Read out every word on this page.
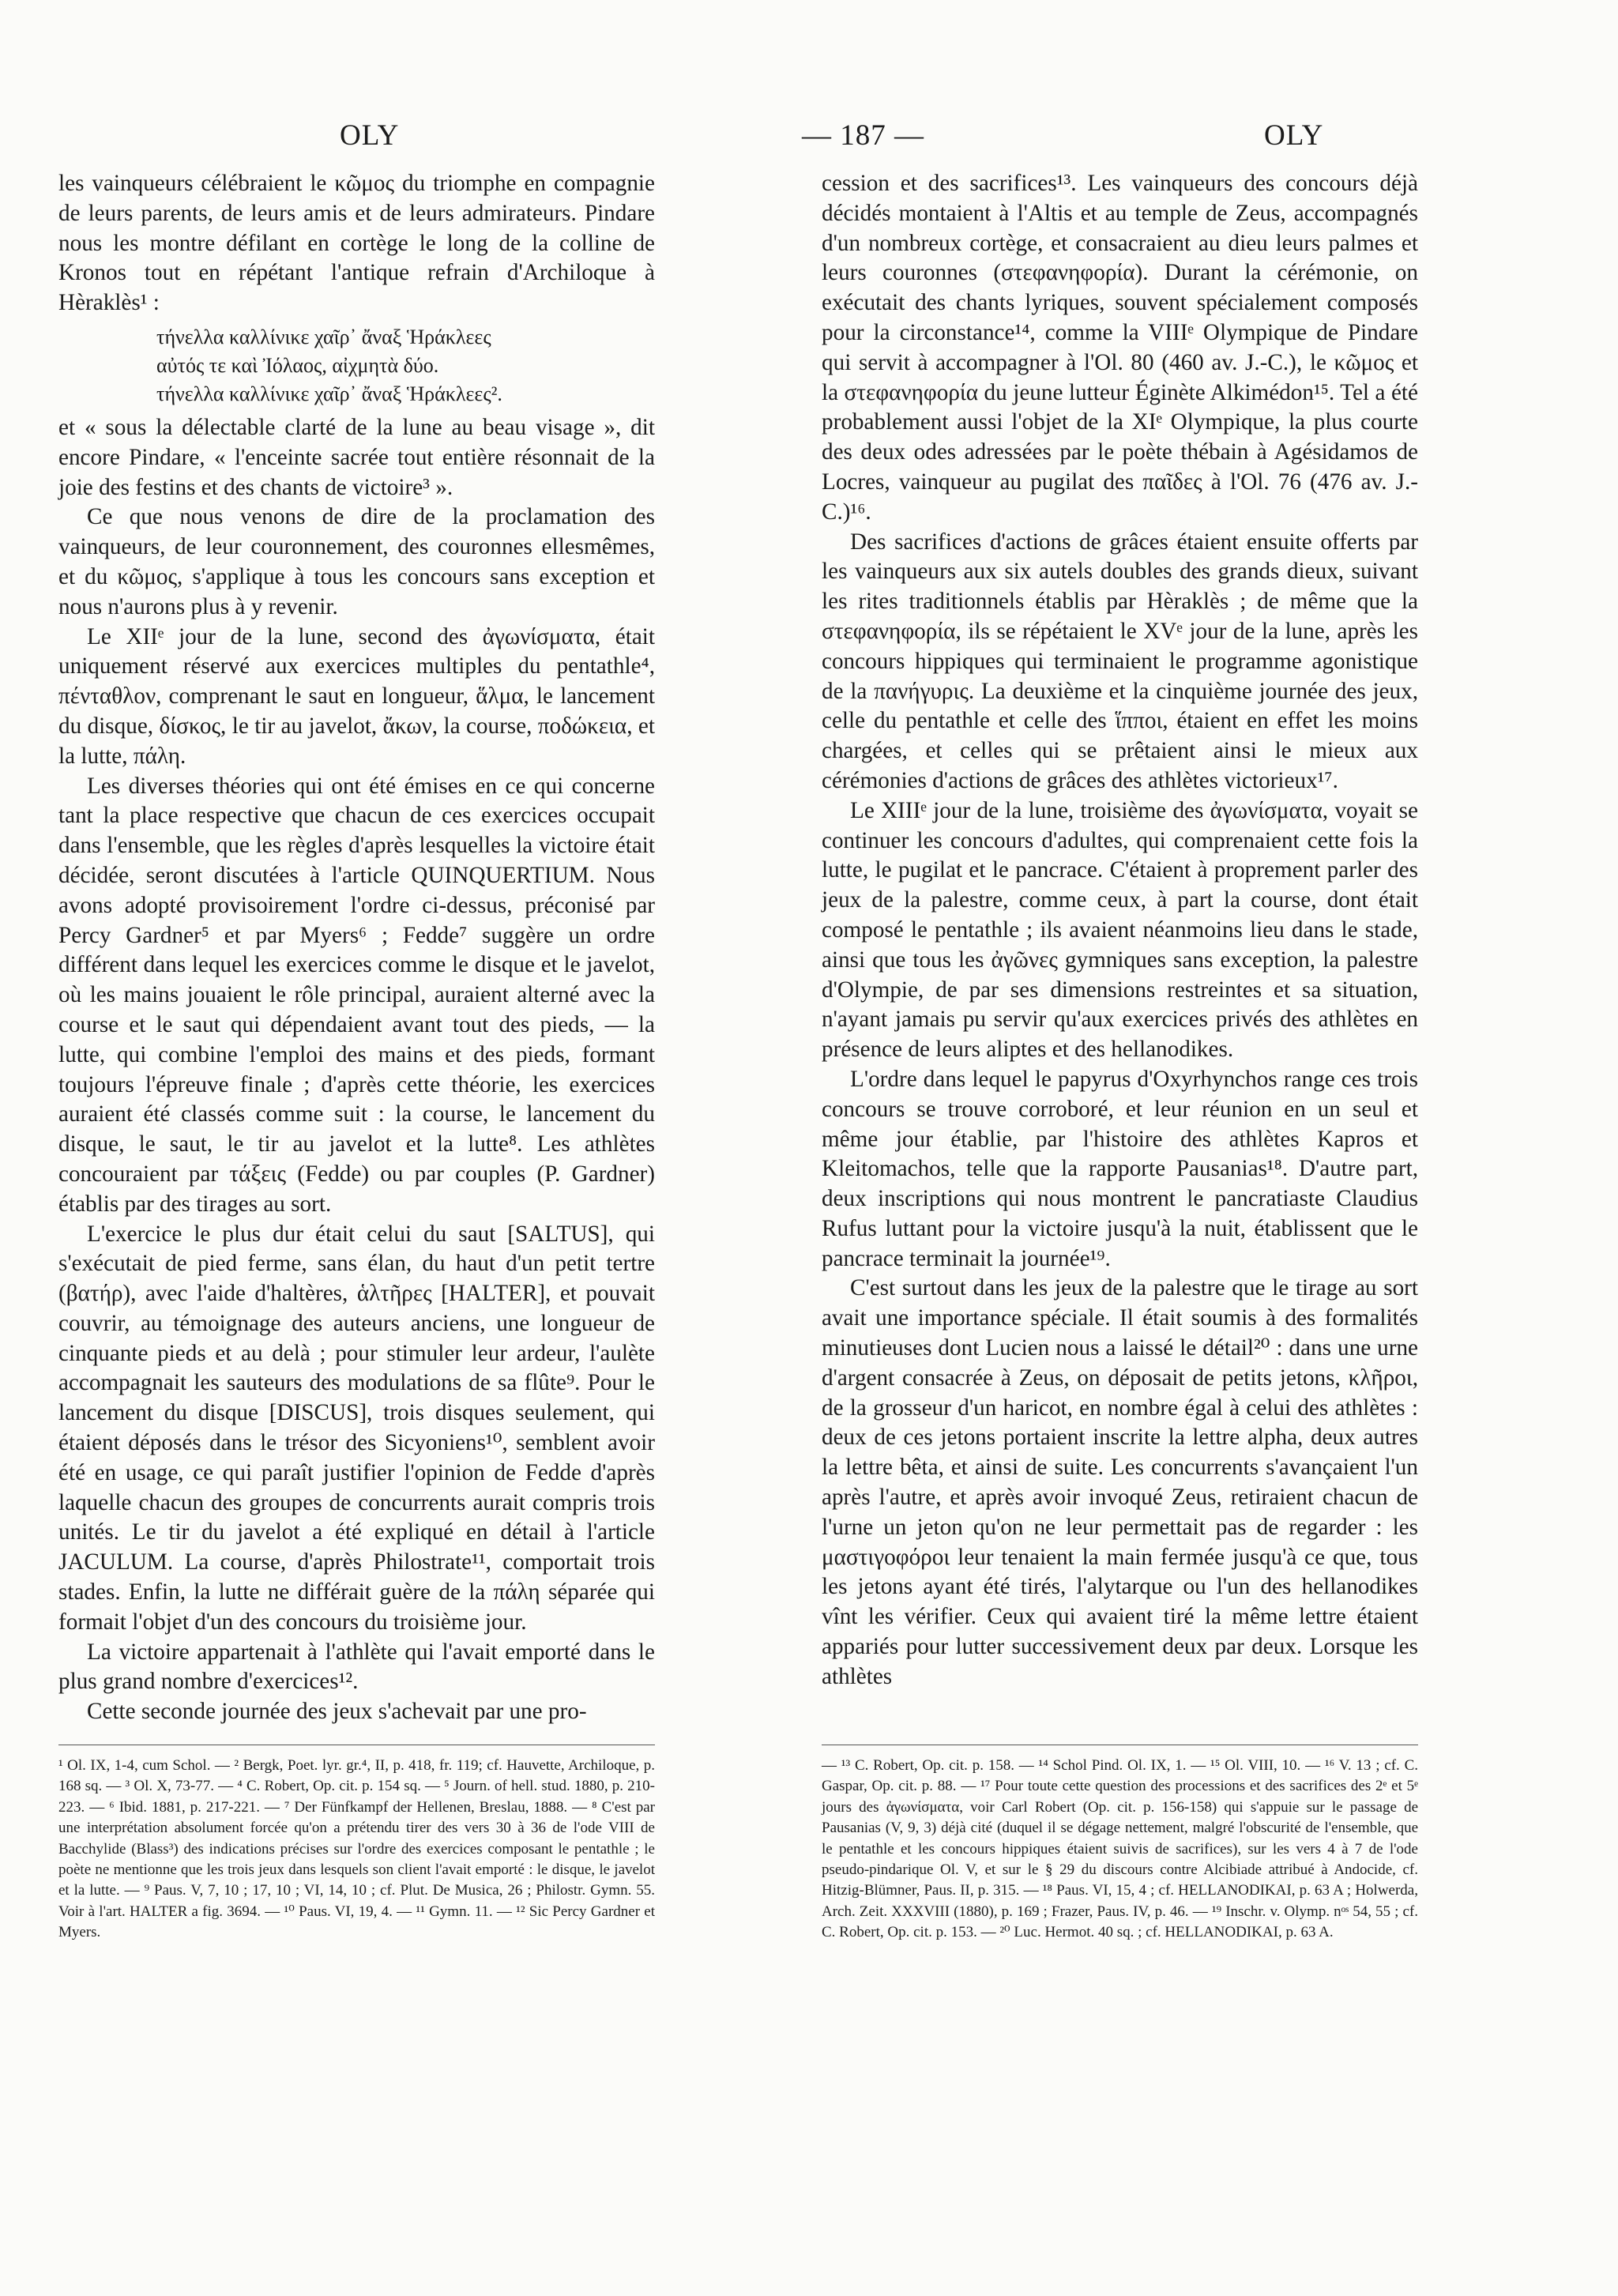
OLY	— 187 —	OLY

les vainqueurs célébraient le κῶμος du triomphe en compagnie de leurs parents, de leurs amis et de leurs admirateurs. Pindare nous les montre défilant en cortège le long de la colline de Kronos tout en répétant l'antique refrain d'Archiloque à Hèraklès¹ :

τήνελλα καλλίνικε χαῖρ᾽ ἄναξ Ἡράκλεες
αὐτός τε καὶ Ἰόλαος, αἰχμητὰ δύο.
τήνελλα καλλίνικε χαῖρ᾽ ἄναξ Ἡράκλεες².

et « sous la délectable clarté de la lune au beau visage », dit encore Pindare, « l'enceinte sacrée tout entière résonnait de la joie des festins et des chants de victoire³ ».

Ce que nous venons de dire de la proclamation des vainqueurs, de leur couronnement, des couronnes ellesmêmes, et du κῶμος, s'applique à tous les concours sans exception et nous n'aurons plus à y revenir.

Le XIIᵉ jour de la lune, second des ἀγωνίσματα, était uniquement réservé aux exercices multiples du pentathle⁴, πένταθλον, comprenant le saut en longueur, ἅλμα, le lancement du disque, δίσκος, le tir au javelot, ἄκων, la course, ποδώκεια, et la lutte, πάλη.

Les diverses théories qui ont été émises en ce qui concerne tant la place respective que chacun de ces exercices occupait dans l'ensemble, que les règles d'après lesquelles la victoire était décidée, seront discutées à l'article QUINQUERTIUM. Nous avons adopté provisoirement l'ordre ci-dessus, préconisé par Percy Gardner⁵ et par Myers⁶ ; Fedde⁷ suggère un ordre différent dans lequel les exercices comme le disque et le javelot, où les mains jouaient le rôle principal, auraient alterné avec la course et le saut qui dépendaient avant tout des pieds, — la lutte, qui combine l'emploi des mains et des pieds, formant toujours l'épreuve finale ; d'après cette théorie, les exercices auraient été classés comme suit : la course, le lancement du disque, le saut, le tir au javelot et la lutte⁸. Les athlètes concouraient par τάξεις (Fedde) ou par couples (P. Gardner) établis par des tirages au sort.

L'exercice le plus dur était celui du saut [SALTUS], qui s'exécutait de pied ferme, sans élan, du haut d'un petit tertre (βατήρ), avec l'aide d'haltères, ἁλτῆρες [HALTER], et pouvait couvrir, au témoignage des auteurs anciens, une longueur de cinquante pieds et au delà ; pour stimuler leur ardeur, l'aulète accompagnait les sauteurs des modulations de sa flûte⁹. Pour le lancement du disque [DISCUS], trois disques seulement, qui étaient déposés dans le trésor des Sicyoniens¹⁰, semblent avoir été en usage, ce qui paraît justifier l'opinion de Fedde d'après laquelle chacun des groupes de concurrents aurait compris trois unités. Le tir du javelot a été expliqué en détail à l'article JACULUM. La course, d'après Philostrate¹¹, comportait trois stades. Enfin, la lutte ne différait guère de la πάλη séparée qui formait l'objet d'un des concours du troisième jour.

La victoire appartenait à l'athlète qui l'avait emporté dans le plus grand nombre d'exercices¹².

Cette seconde journée des jeux s'achevait par une pro-

cession et des sacrifices¹³. Les vainqueurs des concours déjà décidés montaient à l'Altis et au temple de Zeus, accompagnés d'un nombreux cortège, et consacraient au dieu leurs palmes et leurs couronnes (στεφανηφορία). Durant la cérémonie, on exécutait des chants lyriques, souvent spécialement composés pour la circonstance¹⁴, comme la VIIIᵉ Olympique de Pindare qui servit à accompagner à l'Ol. 80 (460 av. J.-C.), le κῶμος et la στεφανηφορία du jeune lutteur Éginète Alkimédon¹⁵. Tel a été probablement aussi l'objet de la XIᵉ Olympique, la plus courte des deux odes adressées par le poète thébain à Agésidamos de Locres, vainqueur au pugilat des παῖδες à l'Ol. 76 (476 av. J.-C.)¹⁶.

Des sacrifices d'actions de grâces étaient ensuite offerts par les vainqueurs aux six autels doubles des grands dieux, suivant les rites traditionnels établis par Hèraklès ; de même que la στεφανηφορία, ils se répétaient le XVᵉ jour de la lune, après les concours hippiques qui terminaient le programme agonistique de la πανήγυρις. La deuxième et la cinquième journée des jeux, celle du pentathle et celle des ἵπποι, étaient en effet les moins chargées, et celles qui se prêtaient ainsi le mieux aux cérémonies d'actions de grâces des athlètes victorieux¹⁷.

Le XIIIᵉ jour de la lune, troisième des ἀγωνίσματα, voyait se continuer les concours d'adultes, qui comprenaient cette fois la lutte, le pugilat et le pancrace. C'étaient à proprement parler des jeux de la palestre, comme ceux, à part la course, dont était composé le pentathle ; ils avaient néanmoins lieu dans le stade, ainsi que tous les ἀγῶνες gymniques sans exception, la palestre d'Olympie, de par ses dimensions restreintes et sa situation, n'ayant jamais pu servir qu'aux exercices privés des athlètes en présence de leurs aliptes et des hellanodikes.

L'ordre dans lequel le papyrus d'Oxyrhynchos range ces trois concours se trouve corroboré, et leur réunion en un seul et même jour établie, par l'histoire des athlètes Kapros et Kleitomachos, telle que la rapporte Pausanias¹⁸. D'autre part, deux inscriptions qui nous montrent le pancratiaste Claudius Rufus luttant pour la victoire jusqu'à la nuit, établissent que le pancrace terminait la journée¹⁹.

C'est surtout dans les jeux de la palestre que le tirage au sort avait une importance spéciale. Il était soumis à des formalités minutieuses dont Lucien nous a laissé le détail²⁰ : dans une urne d'argent consacrée à Zeus, on déposait de petits jetons, κλῆροι, de la grosseur d'un haricot, en nombre égal à celui des athlètes : deux de ces jetons portaient inscrite la lettre alpha, deux autres la lettre bêta, et ainsi de suite. Les concurrents s'avançaient l'un après l'autre, et après avoir invoqué Zeus, retiraient chacun de l'urne un jeton qu'on ne leur permettait pas de regarder : les μαστιγοφόροι leur tenaient la main fermée jusqu'à ce que, tous les jetons ayant été tirés, l'alytarque ou l'un des hellanodikes vînt les vérifier. Ceux qui avaient tiré la même lettre étaient appariés pour lutter successivement deux par deux. Lorsque les athlètes

¹ Ol. IX, 1-4, cum Schol. — ² Bergk, Poet. lyr. gr.⁴, II, p. 418, fr. 119; cf. Hauvette, Archiloque, p. 168 sq. — ³ Ol. X, 73-77. — ⁴ C. Robert, Op. cit. p. 154 sq. — ⁵ Journ. of hell. stud. 1880, p. 210-223. — ⁶ Ibid. 1881, p. 217-221. — ⁷ Der Fünfkampf der Hellenen, Breslau, 1888. — ⁸ C'est par une interprétation absolument forcée qu'on a prétendu tirer des vers 30 à 36 de l'ode VIII de Bacchylide (Blass³) des indications précises sur l'ordre des exercices composant le pentathle ; le poète ne mentionne que les trois jeux dans lesquels son client l'avait emporté : le disque, le javelot et la lutte. — ⁹ Paus. V, 7, 10 ; 17, 10 ; VI, 14, 10 ; cf. Plut. De Musica, 26 ; Philostr. Gymn. 55. Voir à l'art. HALTER a fig. 3694. — ¹⁰ Paus. VI, 19, 4. — ¹¹ Gymn. 11. — ¹² Sic Percy Gardner et Myers.

— ¹³ C. Robert, Op. cit. p. 158. — ¹⁴ Schol Pind. Ol. IX, 1. — ¹⁵ Ol. VIII, 10. — ¹⁶ V. 13 ; cf. C. Gaspar, Op. cit. p. 88. — ¹⁷ Pour toute cette question des processions et des sacrifices des 2ᵉ et 5ᵉ jours des ἀγωνίσματα, voir Carl Robert (Op. cit. p. 156-158) qui s'appuie sur le passage de Pausanias (V, 9, 3) déjà cité (duquel il se dégage nettement, malgré l'obscurité de l'ensemble, que le pentathle et les concours hippiques étaient suivis de sacrifices), sur les vers 4 à 7 de l'ode pseudo-pindarique Ol. V, et sur le § 29 du discours contre Alcibiade attribué à Andocide, cf. Hitzig-Blümner, Paus. II, p. 315. — ¹⁸ Paus. VI, 15, 4 ; cf. HELLANODIKAI, p. 63 A ; Holwerda, Arch. Zeit. XXXVIII (1880), p. 169 ; Frazer, Paus. IV, p. 46. — ¹⁹ Inschr. v. Olymp. nᵒˢ 54, 55 ; cf. C. Robert, Op. cit. p. 153. — ²⁰ Luc. Hermot. 40 sq. ; cf. HELLANODIKAI, p. 63 A.
